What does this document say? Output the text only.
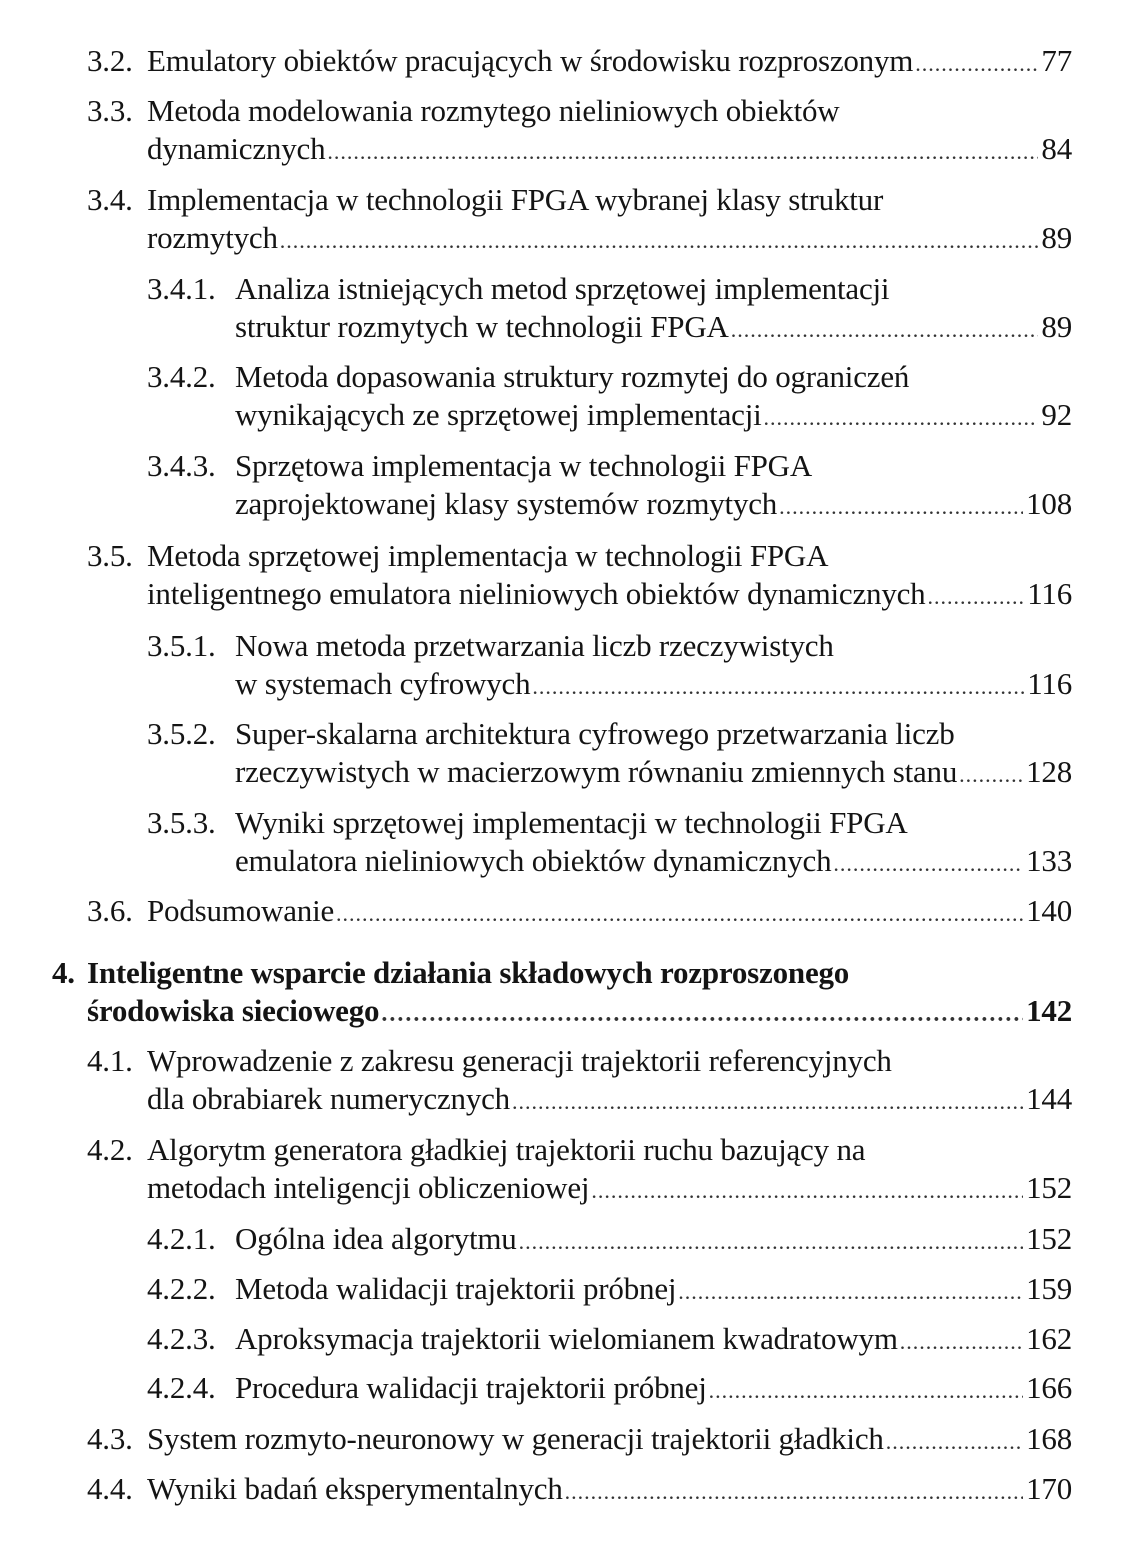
3.2. Emulatory obiektów pracujących w środowisku rozproszonym .....	77
3.3. Metoda modelowania rozmytego nieliniowych obiektów
dynamicznych .....	84
3.4. Implementacja w technologii FPGA wybranej klasy struktur
rozmytych .....	89
3.4.1. Analiza istniejących metod sprzętowej implementacji
struktur rozmytych w technologii FPGA .....	89
3.4.2. Metoda dopasowania struktury rozmytej do ograniczeń
wynikających ze sprzętowej implementacji .....	92
3.4.3. Sprzętowa implementacja w technologii FPGA
zaprojektowanej klasy systemów rozmytych .....	108
3.5. Metoda sprzętowej implementacja w technologii FPGA
inteligentnego emulatora nieliniowych obiektów dynamicznych .....	116
3.5.1. Nowa metoda przetwarzania liczb rzeczywistych
w systemach cyfrowych .....	116
3.5.2. Super-skalarna architektura cyfrowego przetwarzania liczb
rzeczywistych w macierzowym równaniu zmiennych stanu ..... 128
3.5.3. Wyniki sprzętowej implementacji w technologii FPGA
emulatora nieliniowych obiektów dynamicznych .....	133
3.6. Podsumowanie .....	140
4. Inteligentne wsparcie działania składowych rozproszonego
środowiska sieciowego .....	142
4.1. Wprowadzenie z zakresu generacji trajektorii referencyjnych
dla obrabiarek numerycznych .....	144
4.2. Algorytm generatora gładkiej trajektorii ruchu bazujący na
metodach inteligencji obliczeniowej .....	152
4.2.1. Ogólna idea algorytmu .....	152
4.2.2. Metoda walidacji trajektorii próbnej .....	159
4.2.3. Aproksymacja trajektorii wielomianem kwadratowym .....	162
4.2.4. Procedura walidacji trajektorii próbnej .....	166
4.3. System rozmyto-neuronowy w generacji trajektorii gładkich .....	168
4.4. Wyniki badań eksperymentalnych .....	170
